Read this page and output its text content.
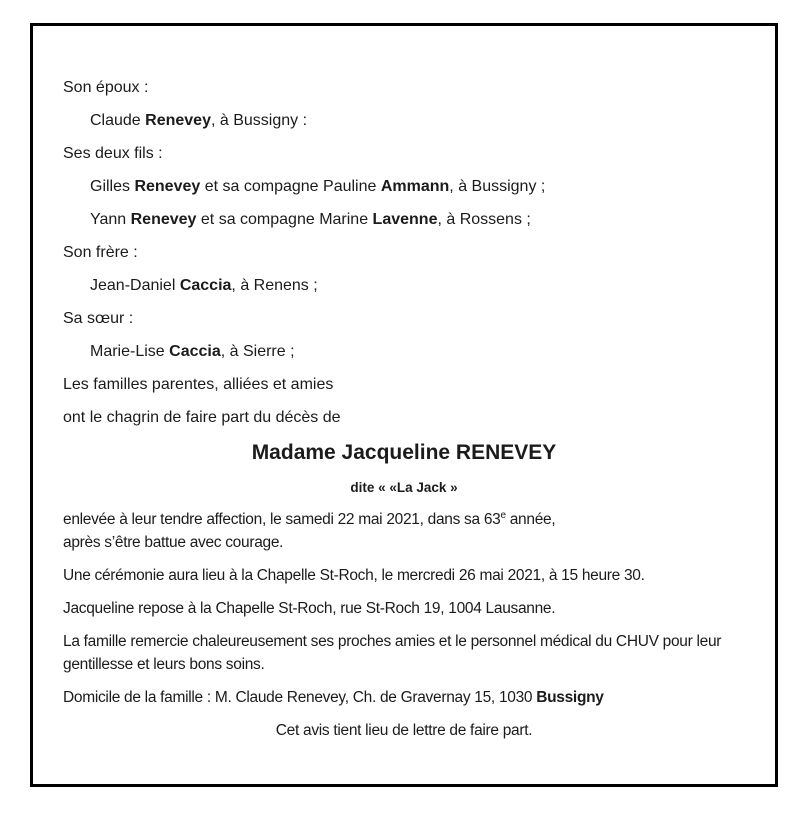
Son époux :
Claude Renevey, à Bussigny :
Ses deux fils :
Gilles Renevey et sa compagne Pauline Ammann, à Bussigny ;
Yann Renevey et sa compagne Marine Lavenne, à Rossens ;
Son frère :
Jean-Daniel Caccia, à Renens ;
Sa sœur :
Marie-Lise Caccia, à Sierre ;
Les familles parentes, alliées et amies
ont le chagrin de faire part du décès de
Madame Jacqueline RENEVEY
dite « «La Jack »
enlevée à leur tendre affection, le samedi 22 mai 2021, dans sa 63e année,
après s’être battue avec courage.
Une cérémonie aura lieu à la Chapelle St-Roch, le mercredi 26 mai 2021, à 15 heure 30.
Jacqueline repose à la Chapelle St-Roch, rue St-Roch 19, 1004 Lausanne.
La famille remercie chaleureusement ses proches amies et le personnel médical du CHUV pour leur
gentillesse et leurs bons soins.
Domicile de la famille : M. Claude Renevey, Ch. de Gravernay 15, 1030 Bussigny
Cet avis tient lieu de lettre de faire part.
